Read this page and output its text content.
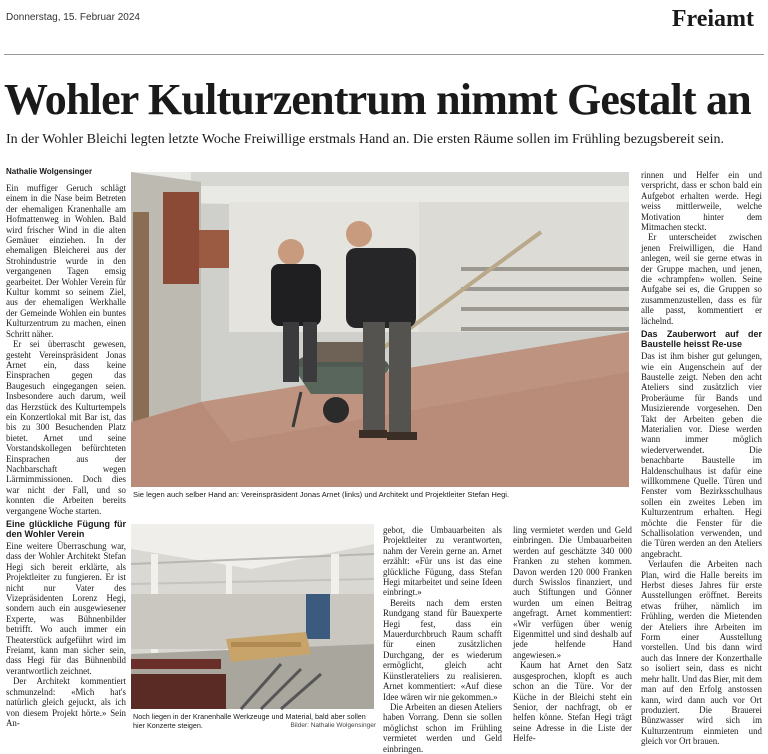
Donnerstag, 15. Februar 2024	Freiamt
Wohler Kulturzentrum nimmt Gestalt an
In der Wohler Bleichi legten letzte Woche Freiwillige erstmals Hand an. Die ersten Räume sollen im Frühling bezugsbereit sein.
Nathalie Wolgensinger

Ein muffiger Geruch schlägt einem in die Nase beim Betreten der ehemaligen Kranenhalle am Hofmattenweg in Wohlen. Bald wird frischer Wind in die alten Gemäuer einziehen. In der ehemaligen Bleicherei aus der Strohindustrie wurde in den vergangenen Tagen emsig gearbeitet. Der Wohler Verein für Kultur kommt so seinem Ziel, aus der ehemaligen Werkhalle der Gemeinde Wohlen ein buntes Kulturzentrum zu machen, einen Schritt näher.

Er sei überrascht gewesen, gesteht Vereinspräsident Jonas Arnet ein, dass keine Einsprachen gegen das Baugesuch eingegangen seien. Insbesondere auch darum, weil das Herzstück des Kulturtempels ein Konzertlokal mit Bar ist, das bis zu 300 Besuchenden Platz bietet. Arnet und seine Vorstandskollegen befürchteten Einsprachen aus der Nachbarschaft wegen Lärmimmissionen. Doch dies war nicht der Fall, und so konnten die Arbeiten bereits vergangene Woche starten.

Eine glückliche Fügung für den Wohler Verein

Eine weitere Überraschung war, dass der Wohler Architekt Stefan Hegi sich bereit erklärte, als Projektleiter zu fungieren. Er ist nicht nur Vater des Vizepräsidenten Lorenz Hegi, sondern auch ein ausgewiesener Experte, was Bühnenbilder betrifft. Wo auch immer ein Theaterstück aufgeführt wird im Freiamt, kann man sicher sein, dass Hegi für das Bühnenbild verantwortlich zeichnet.

Der Architekt kommentiert schmunzelnd: «Mich hat's natürlich gleich gejuckt, als ich von diesem Projekt hörte.» Sein An-

Sie legen auch selber Hand an: Vereinspräsident Jonas Arnet (links) und Architekt und Projektleiter Stefan Hegi.
Noch liegen in der Kranenhalle Werkzeuge und Material, bald aber sollen hier Konzerte steigen.	Bilder: Nathalie Wolgensinger

gebot, die Umbauarbeiten als Projektleiter zu verantworten, nahm der Verein gerne an. Arnet erzählt: «Für uns ist das eine glückliche Fügung, dass Stefan Hegi mitarbeitet und seine Ideen einbringt.»

Bereits nach dem ersten Rundgang stand für Bauexperte Hegi fest, dass ein Mauerdurchbruch Raum schafft für einen zusätzlichen Durchgang, der es wiederum ermöglicht, gleich acht Künstlerateliers zu realisieren. Arnet kommentiert: «Auf diese Idee wären wir nie gekommen.»

Die Arbeiten an diesen Ateliers haben Vorrang. Denn sie sollen möglichst schon im Frühling vermietet werden und Geld einbringen.

ling vermietet werden und Geld einbringen. Die Umbauarbeiten werden auf geschätzte 340 000 Franken zu stehen kommen. Davon werden 120 000 Franken durch Swisslos finanziert, und auch Stiftungen und Gönner wurden um einen Beitrag angefragt. Arnet kommentiert: «Wir verfügen über wenig Eigenmittel und sind deshalb auf jede helfende Hand angewiesen.»

Kaum hat Arnet den Satz ausgesprochen, klopft es auch schon an die Türe. Vor der Küche in der Bleichi steht ein Senior, der nachfragt, ob er helfen könne. Stefan Hegi trägt seine Adresse in die Liste der Helfe-

rinnen und Helfer ein und verspricht, dass er schon bald ein Aufgebot erhalten werde. Hegi weiss mittlerweile, welche Motivation hinter dem Mitmachen steckt.

Er unterscheidet zwischen jenen Freiwilligen, die Hand anlegen, weil sie gerne etwas in der Gruppe machen, und jenen, die «chrampfen» wollen. Seine Aufgabe sei es, die Gruppen so zusammenzustellen, dass es für alle passt, kommentiert er lächelnd.

Das Zauberwort auf der Baustelle heisst Re-use

Das ist ihm bisher gut gelungen, wie ein Augenschein auf der Baustelle zeigt. Neben den acht Ateliers sind zusätzlich vier Proberäume für Bands und Musizierende vorgesehen. Den Takt der Arbeiten geben die Materialien vor. Diese werden wann immer möglich wiederverwendet. Die benachbarte Baustelle im Haldenschulhaus ist dafür eine willkommene Quelle. Türen und Fenster vom Bezirksschulhaus sollen ein zweites Leben im Kulturzentrum erhalten. Hegi möchte die Fenster für die Schallisolation verwenden, und die Türen werden an den Ateliers angebracht.

Verlaufen die Arbeiten nach Plan, wird die Halle bereits im Herbst dieses Jahres für erste Ausstellungen eröffnet. Bereits etwas früher, nämlich im Frühling, werden die Mietenden der Ateliers ihre Arbeiten im Form einer Ausstellung vorstellen. Und bis dann wird auch das Innere der Konzerthalle so isoliert sein, dass es nicht mehr hallt. Und das Bier, mit dem man auf den Erfolg anstossen kann, wird dann auch vor Ort produziert. Die Brauerei Bünzwasser wird sich im Kulturzentrum einmieten und gleich vor Ort brauen.
